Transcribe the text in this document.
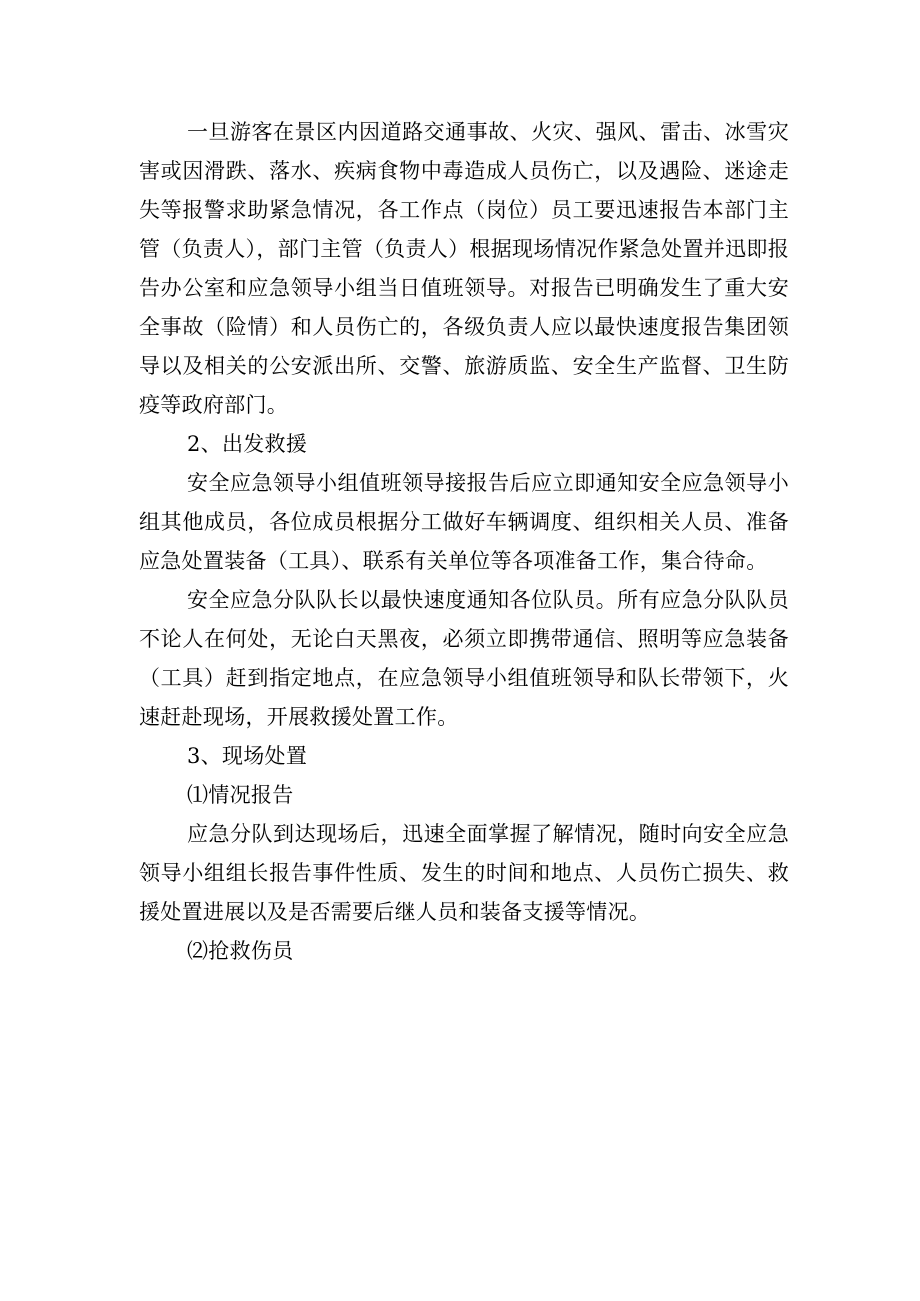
一旦游客在景区内因道路交通事故、火灾、强风、雷击、冰雪灾害或因滑跌、落水、疾病食物中毒造成人员伤亡，以及遇险、迷途走失等报警求助紧急情况，各工作点（岗位）员工要迅速报告本部门主管（负责人），部门主管（负责人）根据现场情况作紧急处置并迅即报告办公室和应急领导小组当日值班领导。对报告已明确发生了重大安全事故（险情）和人员伤亡的，各级负责人应以最快速度报告集团领导以及相关的公安派出所、交警、旅游质监、安全生产监督、卫生防疫等政府部门。

2、出发救援

安全应急领导小组值班领导接报告后应立即通知安全应急领导小组其他成员，各位成员根据分工做好车辆调度、组织相关人员、准备应急处置装备（工具）、联系有关单位等各项准备工作，集合待命。

安全应急分队队长以最快速度通知各位队员。所有应急分队队员不论人在何处，无论白天黑夜，必须立即携带通信、照明等应急装备（工具）赶到指定地点，在应急领导小组值班领导和队长带领下，火速赶赴现场，开展救援处置工作。

3、现场处置

⑴情况报告

应急分队到达现场后，迅速全面掌握了解情况，随时向安全应急领导小组组长报告事件性质、发生的时间和地点、人员伤亡损失、救援处置进展以及是否需要后继人员和装备支援等情况。

⑵抢救伤员
